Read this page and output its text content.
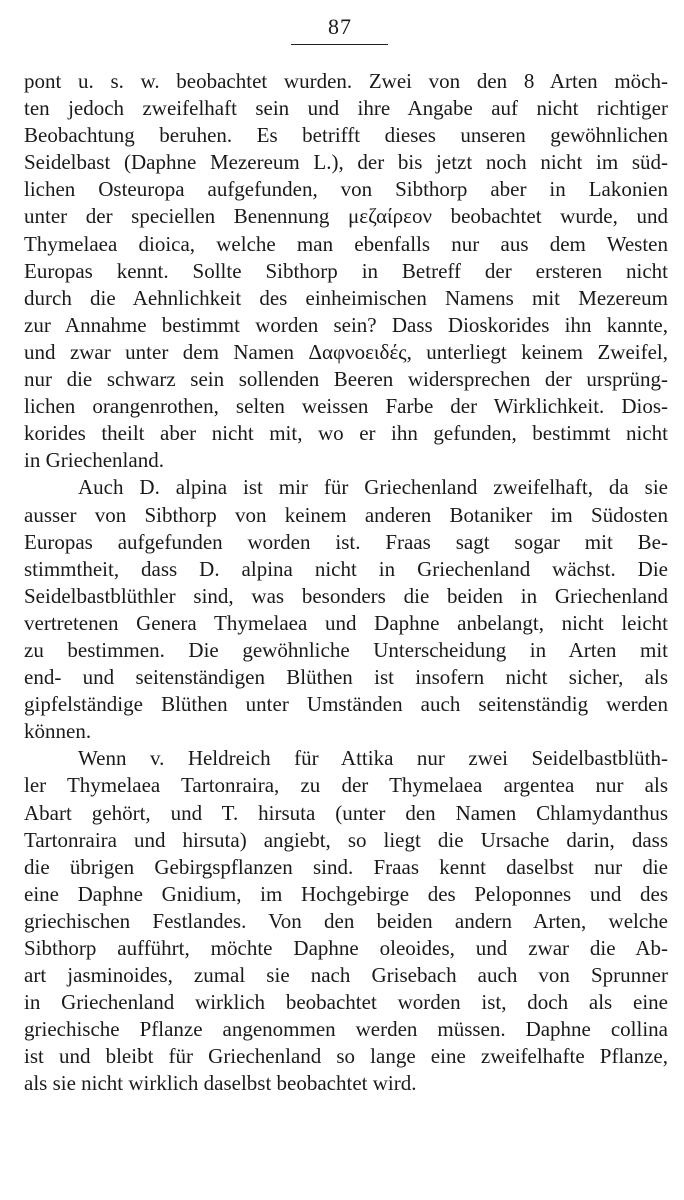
87
pont u. s. w. beobachtet wurden. Zwei von den 8 Arten möch-
ten jedoch zweifelhaft sein und ihre Angabe auf nicht richtiger
Beobachtung beruhen. Es betrifft dieses unseren gewöhnlichen
Seidelbast (Daphne Mezereum L.), der bis jetzt noch nicht im süd-
lichen Osteuropa aufgefunden, von Sibthorp aber in Lakonien
unter der speciellen Benennung μεζαίρεον beobachtet wurde, und
Thymelaea dioica, welche man ebenfalls nur aus dem Westen
Europas kennt. Sollte Sibthorp in Betreff der ersteren nicht
durch die Aehnlichkeit des einheimischen Namens mit Mezereum
zur Annahme bestimmt worden sein? Dass Dioskorides ihn kannte,
und zwar unter dem Namen Δαφνοειδές, unterliegt keinem Zweifel,
nur die schwarz sein sollenden Beeren widersprechen der ursprüng-
lichen orangenrothen, selten weissen Farbe der Wirklichkeit. Dios-
korides theilt aber nicht mit, wo er ihn gefunden, bestimmt nicht
in Griechenland.
Auch D. alpina ist mir für Griechenland zweifelhaft, da sie
ausser von Sibthorp von keinem anderen Botaniker im Südosten
Europas aufgefunden worden ist. Fraas sagt sogar mit Be-
stimmtheit, dass D. alpina nicht in Griechenland wächst. Die
Seidelbastblüthler sind, was besonders die beiden in Griechenland
vertretenen Genera Thymelaea und Daphne anbelangt, nicht leicht
zu bestimmen. Die gewöhnliche Unterscheidung in Arten mit
end- und seitenständigen Blüthen ist insofern nicht sicher, als
gipfelständige Blüthen unter Umständen auch seitenständig werden
können.
Wenn v. Heldreich für Attika nur zwei Seidelbastblüth-
ler Thymelaea Tartonraira, zu der Thymelaea argentea nur als
Abart gehört, und T. hirsuta (unter den Namen Chlamydanthus
Tartonraira und hirsuta) angiebt, so liegt die Ursache darin, dass
die übrigen Gebirgspflanzen sind. Fraas kennt daselbst nur die
eine Daphne Gnidium, im Hochgebirge des Peloponnes und des
griechischen Festlandes. Von den beiden andern Arten, welche
Sibthorp aufführt, möchte Daphne oleoides, und zwar die Ab-
art jasminoides, zumal sie nach Grisebach auch von Sprunner
in Griechenland wirklich beobachtet worden ist, doch als eine
griechische Pflanze angenommen werden müssen. Daphne collina
ist und bleibt für Griechenland so lange eine zweifelhafte Pflanze,
als sie nicht wirklich daselbst beobachtet wird.
